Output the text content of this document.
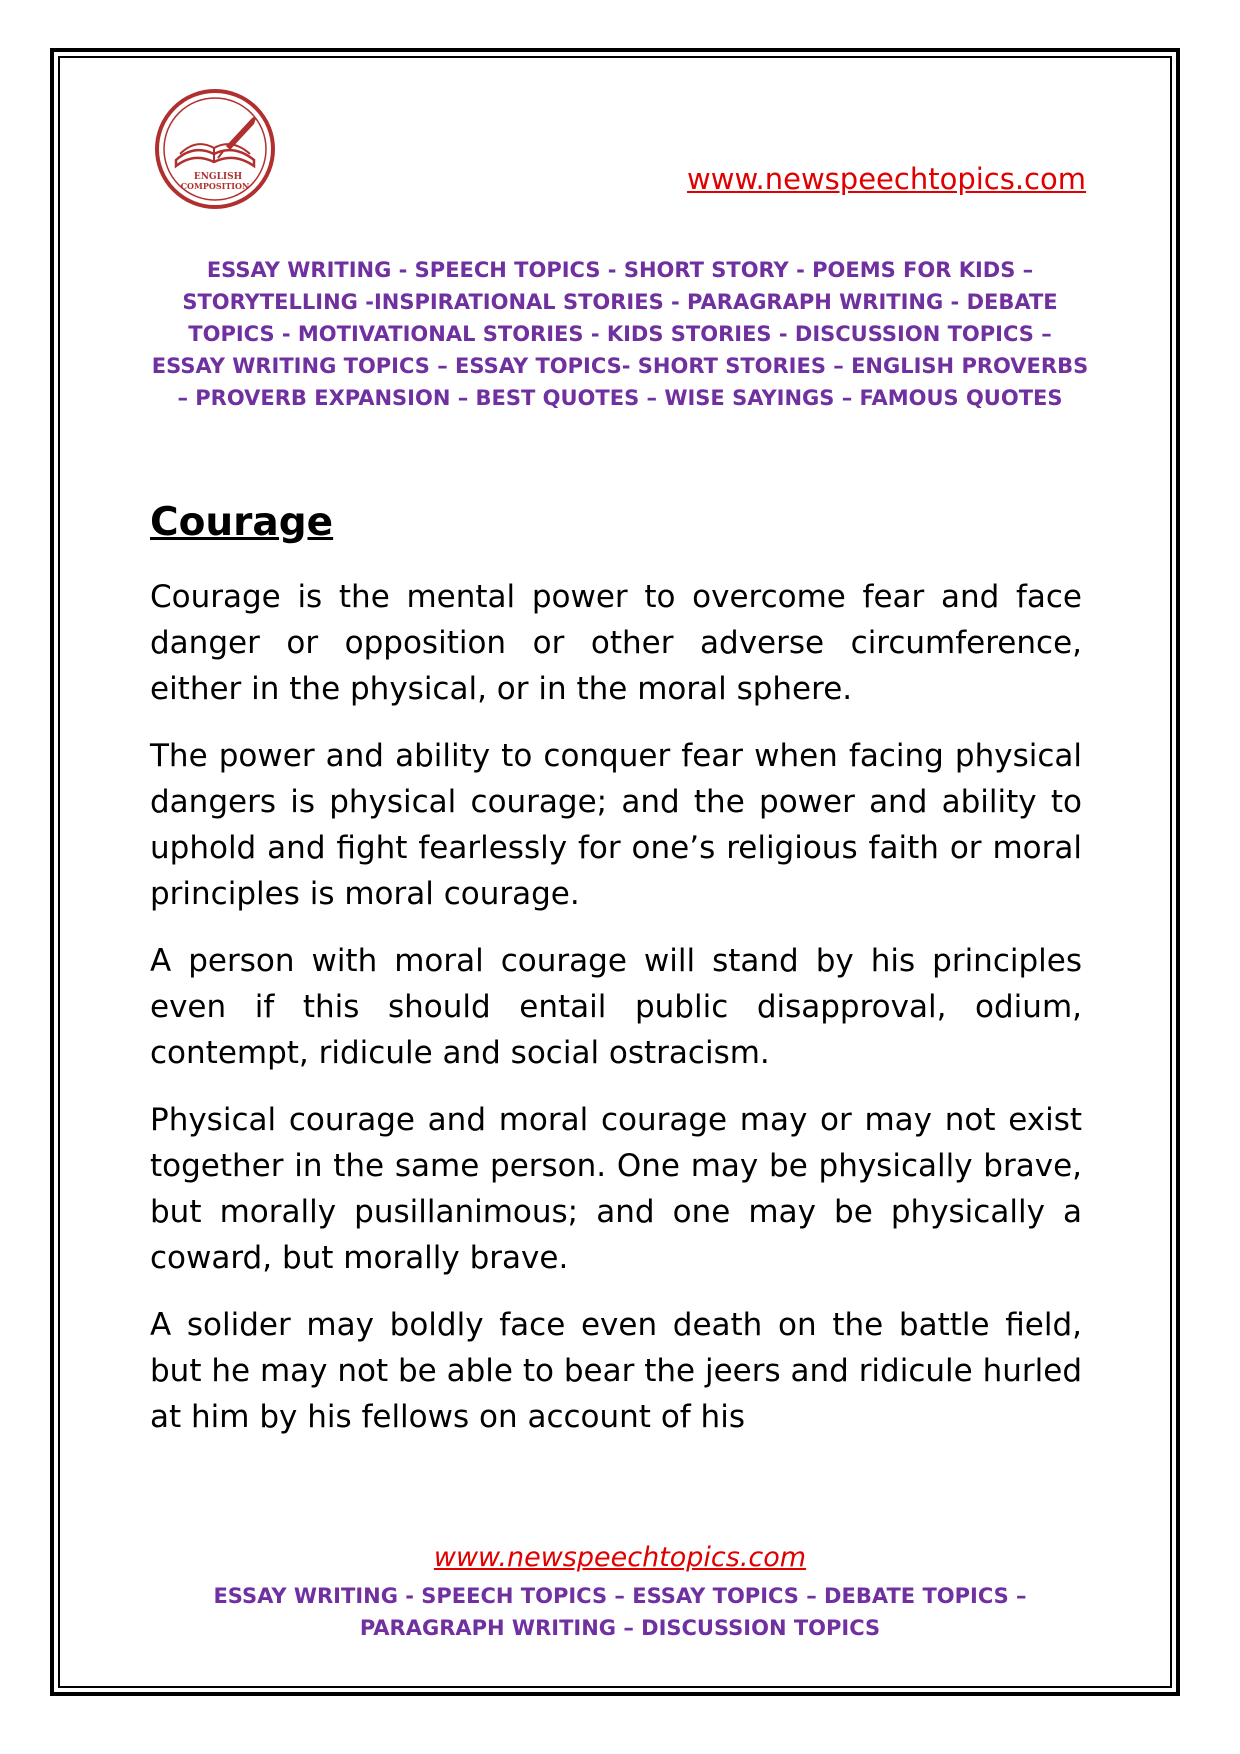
ENGLISH
COMPOSITION	www.newspeechtopics.com
ESSAY WRITING - SPEECH TOPICS - SHORT STORY - POEMS FOR KIDS – STORYTELLING -INSPIRATIONAL STORIES - PARAGRAPH WRITING - DEBATE TOPICS - MOTIVATIONAL STORIES - KIDS STORIES - DISCUSSION TOPICS – ESSAY WRITING TOPICS – ESSAY TOPICS- SHORT STORIES – ENGLISH PROVERBS – PROVERB EXPANSION – BEST QUOTES – WISE SAYINGS – FAMOUS QUOTES
Courage

Courage is the mental power to overcome fear and face danger or opposition or other adverse circumference, either in the physical, or in the moral sphere.

The power and ability to conquer fear when facing physical dangers is physical courage; and the power and ability to uphold and fight fearlessly for one’s religious faith or moral principles is moral courage.

A person with moral courage will stand by his principles even if this should entail public disapproval, odium, contempt, ridicule and social ostracism.

Physical courage and moral courage may or may not exist together in the same person. One may be physically brave, but morally pusillanimous; and one may be physically a coward, but morally brave.

A solider may boldly face even death on the battle field, but he may not be able to bear the jeers and ridicule hurled at him by his fellows on account of his

www.newspeechtopics.com
ESSAY WRITING - SPEECH TOPICS – ESSAY TOPICS – DEBATE TOPICS – PARAGRAPH WRITING – DISCUSSION TOPICS
